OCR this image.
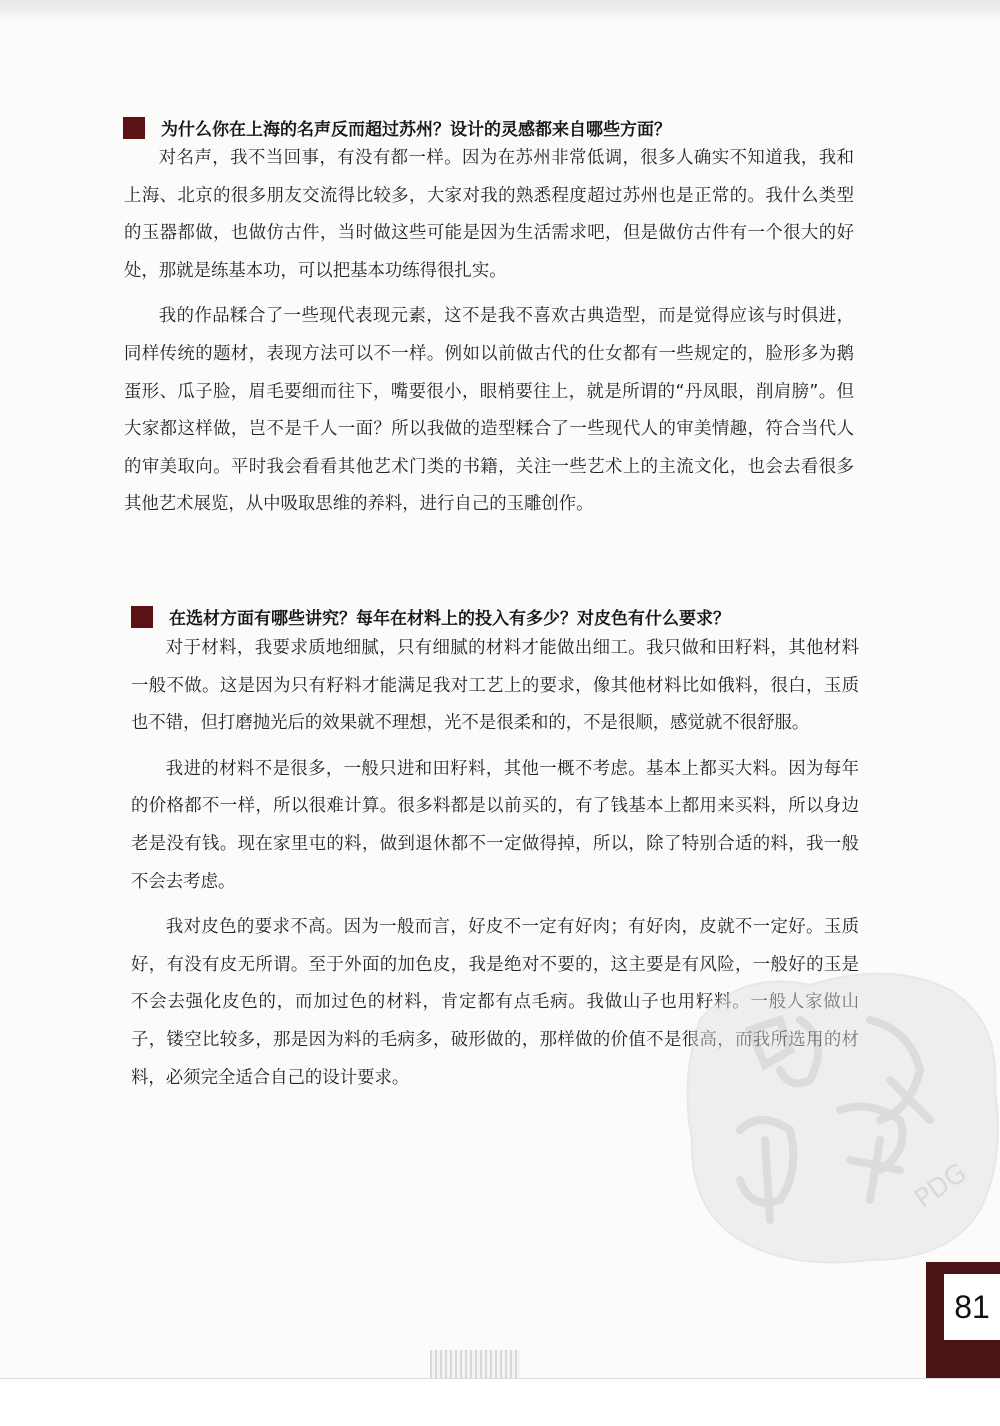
为什么你在上海的名声反而超过苏州？设计的灵感都来自哪些方面？

对名声，我不当回事，有没有都一样。因为在苏州非常低调，很多人确实不知道我，我和上海、北京的很多朋友交流得比较多，大家对我的熟悉程度超过苏州也是正常的。我什么类型的玉器都做，也做仿古件，当时做这些可能是因为生活需求吧，但是做仿古件有一个很大的好处，那就是练基本功，可以把基本功练得很扎实。

我的作品糅合了一些现代表现元素，这不是我不喜欢古典造型，而是觉得应该与时俱进，同样传统的题材，表现方法可以不一样。例如以前做古代的仕女都有一些规定的，脸形多为鹅蛋形、瓜子脸，眉毛要细而往下，嘴要很小，眼梢要往上，就是所谓的“丹凤眼，削肩膀”。但大家都这样做，岂不是千人一面？所以我做的造型糅合了一些现代人的审美情趣，符合当代人的审美取向。平时我会看看其他艺术门类的书籍，关注一些艺术上的主流文化，也会去看很多其他艺术展览，从中吸取思维的养料，进行自己的玉雕创作。

在选材方面有哪些讲究？每年在材料上的投入有多少？对皮色有什么要求？

对于材料，我要求质地细腻，只有细腻的材料才能做出细工。我只做和田籽料，其他材料一般不做。这是因为只有籽料才能满足我对工艺上的要求，像其他材料比如俄料，很白，玉质也不错，但打磨抛光后的效果就不理想，光不是很柔和的，不是很顺，感觉就不很舒服。

我进的材料不是很多，一般只进和田籽料，其他一概不考虑。基本上都买大料。因为每年的价格都不一样，所以很难计算。很多料都是以前买的，有了钱基本上都用来买料，所以身边老是没有钱。现在家里屯的料，做到退休都不一定做得掉，所以，除了特别合适的料，我一般不会去考虑。

我对皮色的要求不高。因为一般而言，好皮不一定有好肉；有好肉，皮就不一定好。玉质好，有没有皮无所谓。至于外面的加色皮，我是绝对不要的，这主要是有风险，一般好的玉是不会去强化皮色的，而加过色的材料，肯定都有点毛病。我做山子也用籽料。一般人家做山子，镂空比较多，那是因为料的毛病多，破形做的，那样做的价值不是很高，而我所选用的材料，必须完全适合自己的设计要求。

PDG
81
